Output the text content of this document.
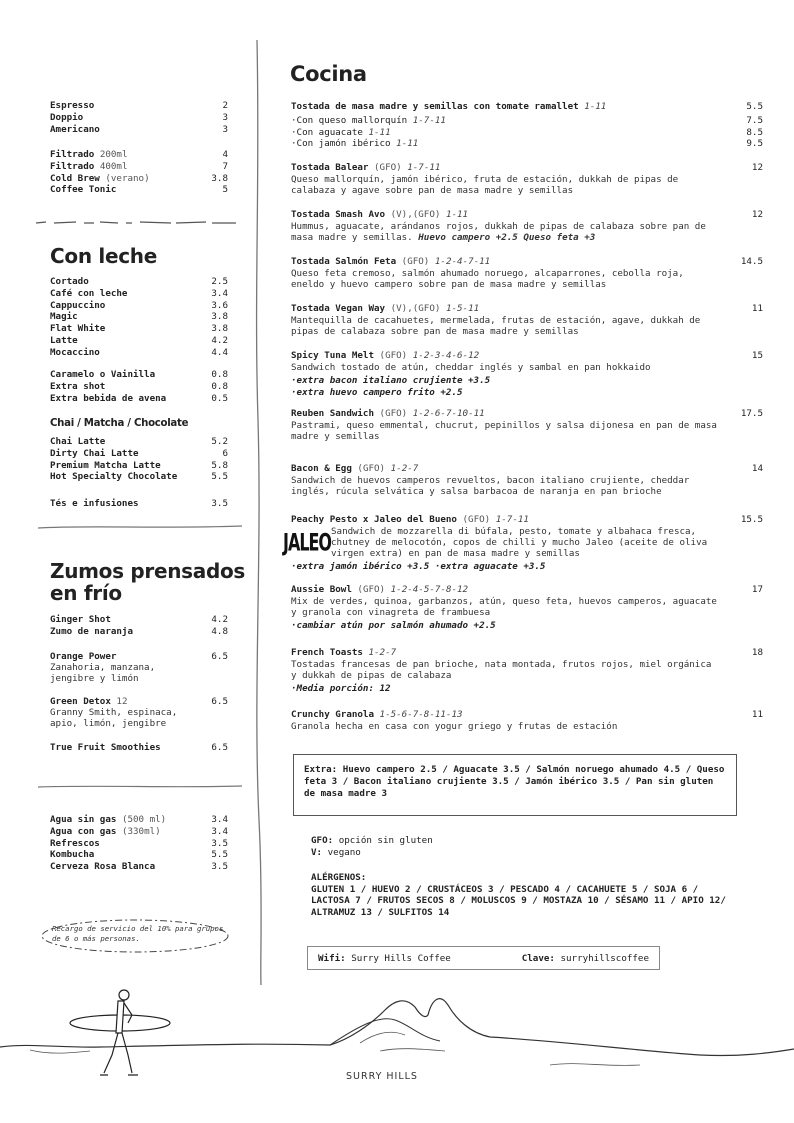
Espresso	2
Doppio	3
Americano	3
Filtrado 200ml	4
Filtrado 400ml	7
Cold Brew (verano)	3.8
Coffee Tonic	5
Con leche
Cortado	2.5
Café con leche	3.4
Cappuccino	3.6
Magic	3.8
Flat White	3.8
Latte	4.2
Mocaccino	4.4
Caramelo o Vainilla	0.8
Extra shot	0.8
Extra bebida de avena	0.5
Chai / Matcha / Chocolate
Chai Latte	5.2
Dirty Chai Latte	6
Premium Matcha Latte	5.8
Hot Specialty Chocolate	5.5
Tés e infusiones	3.5
Zumos prensados
en frío
Ginger Shot	4.2
Zumo de naranja	4.8
Orange Power	6.5
Zanahoria, manzana, jengibre y limón
Green Detox 12	6.5
Granny Smith, espinaca, apio, limón, jengibre
True Fruit Smoothies	6.5
Agua sin gas (500 ml)	3.4
Agua con gas (330ml)	3.4
Refrescos	3.5
Kombucha	5.5
Cerveza Rosa Blanca	3.5
Recargo de servicio del 10% para grupos de 6 o más personas.
Cocina
Tostada de masa madre y semillas con tomate ramallet 1-11	5.5
·Con queso mallorquín 1-7-11	7.5
·Con aguacate 1-11	8.5
·Con jamón ibérico 1-11	9.5
Tostada Balear (GFO) 1-7-11	12
Queso mallorquín, jamón ibérico, fruta de estación, dukkah de pipas de calabaza y agave sobre pan de masa madre y semillas
Tostada Smash Avo (V),(GFO) 1-11	12
Hummus, aguacate, arándanos rojos, dukkah de pipas de calabaza sobre pan de masa madre y semillas. Huevo campero +2.5 Queso feta +3
Tostada Salmón Feta (GFO) 1-2-4-7-11	14.5
Queso feta cremoso, salmón ahumado noruego, alcaparrones, cebolla roja, eneldo y huevo campero sobre pan de masa madre y semillas
Tostada Vegan Way (V),(GFO) 1-5-11	11
Mantequilla de cacahuetes, mermelada, frutas de estación, agave, dukkah de pipas de calabaza sobre pan de masa madre y semillas
Spicy Tuna Melt (GFO) 1-2-3-4-6-12	15
Sandwich tostado de atún, cheddar inglés y sambal en pan hokkaido
·extra bacon italiano crujiente +3.5
·extra huevo campero frito +2.5
Reuben Sandwich (GFO) 1-2-6-7-10-11	17.5
Pastrami, queso emmental, chucrut, pepinillos y salsa dijonesa en pan de masa madre y semillas
Bacon & Egg (GFO) 1-2-7	14
Sandwich de huevos camperos revueltos, bacon italiano crujiente, cheddar inglés, rúcula selvática y salsa barbacoa de naranja en pan brioche
Peachy Pesto x Jaleo del Bueno (GFO) 1-7-11	15.5
Sandwich de mozzarella di búfala, pesto, tomate y albahaca fresca, chutney de melocotón, copos de chilli y mucho Jaleo (aceite de oliva virgen extra) en pan de masa madre y semillas
·extra jamón ibérico +3.5 ·extra aguacate +3.5
Aussie Bowl (GFO) 1-2-4-5-7-8-12	17
Mix de verdes, quinoa, garbanzos, atún, queso feta, huevos camperos, aguacate y granola con vinagreta de frambuesa
·cambiar atún por salmón ahumado +2.5
French Toasts 1-2-7	18
Tostadas francesas de pan brioche, nata montada, frutos rojos, miel orgánica y dukkah de pipas de calabaza
·Media porción: 12
Crunchy Granola 1-5-6-7-8-11-13	11
Granola hecha en casa con yogur griego y frutas de estación
JALEO
Extra: Huevo campero 2.5 / Aguacate 3.5 / Salmón noruego ahumado 4.5 / Queso feta 3 / Bacon italiano crujiente 3.5 / Jamón ibérico 3.5 / Pan sin gluten de masa madre 3
GFO: opción sin gluten
V: vegano
ALÉRGENOS:
GLUTEN 1 / HUEVO 2 / CRUSTÁCEOS 3 / PESCADO 4 / CACAHUETE 5 / SOJA 6 / LACTOSA 7 / FRUTOS SECOS 8 / MOLUSCOS 9 / MOSTAZA 10 / SÉSAMO 11 / APIO 12/ ALTRAMUZ 13 / SULFITOS 14
Wifi: Surry Hills Coffee	Clave: surryhillscoffee
SURRY HILLS
